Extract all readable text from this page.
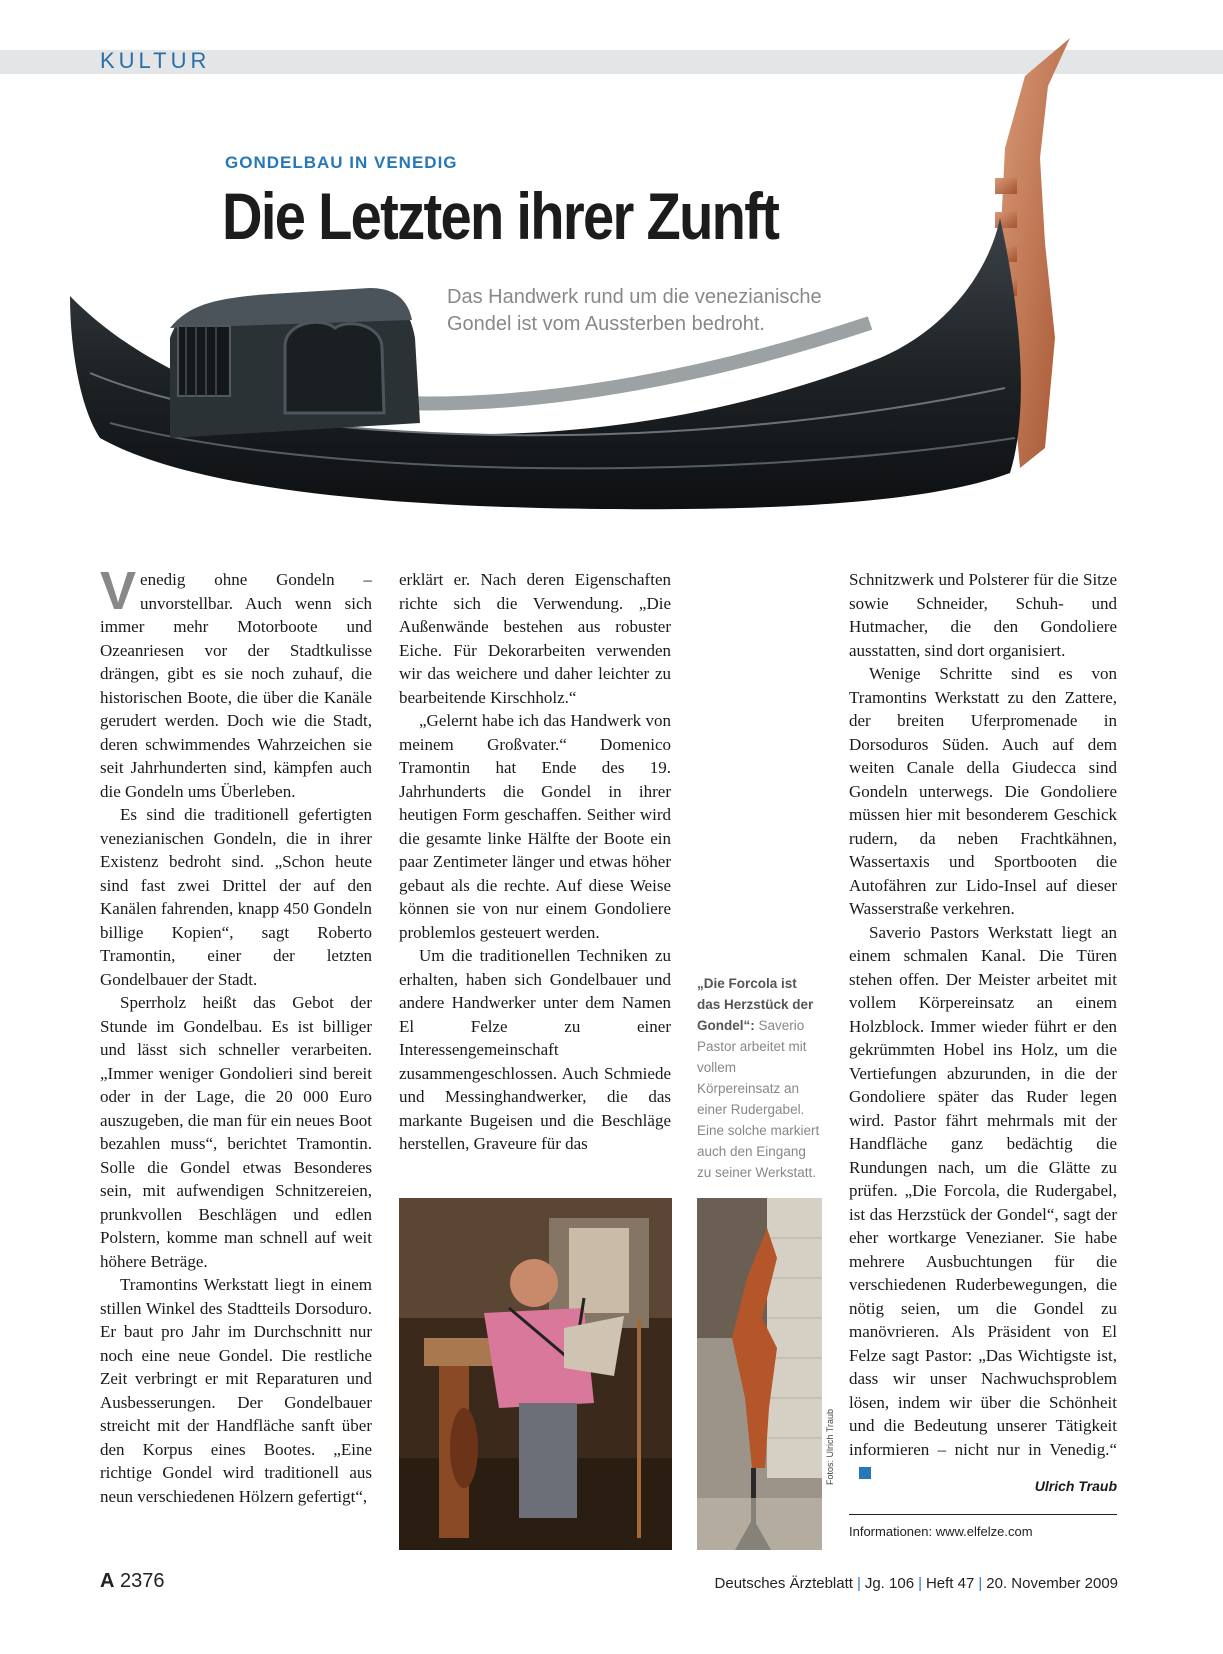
KULTUR
GONDELBAU IN VENEDIG
Die Letzten ihrer Zunft
Das Handwerk rund um die venezianische Gondel ist vom Aussterben bedroht.

Venedig ohne Gondeln – unvorstellbar. Auch wenn sich immer mehr Motorboote und Ozeanriesen vor der Stadtkulisse drängen, gibt es sie noch zuhauf, die historischen Boote, die über die Kanäle gerudert werden. Doch wie die Stadt, deren schwimmendes Wahrzeichen sie seit Jahrhunderten sind, kämpfen auch die Gondeln ums Überleben.

Es sind die traditionell gefertigten venezianischen Gondeln, die in ihrer Existenz bedroht sind. „Schon heute sind fast zwei Drittel der auf den Kanälen fahrenden, knapp 450 Gondeln billige Kopien“, sagt Roberto Tramontin, einer der letzten Gondelbauer der Stadt.

Sperrholz heißt das Gebot der Stunde im Gondelbau. Es ist billiger und lässt sich schneller verarbeiten. „Immer weniger Gondolieri sind bereit oder in der Lage, die 20 000 Euro auszugeben, die man für ein neues Boot bezahlen muss“, berichtet Tramontin. Solle die Gondel etwas Besonderes sein, mit aufwendigen Schnitzereien, prunkvollen Beschlägen und edlen Polstern, komme man schnell auf weit höhere Beträge.

Tramontins Werkstatt liegt in einem stillen Winkel des Stadtteils Dorsoduro. Er baut pro Jahr im Durchschnitt nur noch eine neue Gondel. Die restliche Zeit verbringt er mit Reparaturen und Ausbesserungen. Der Gondelbauer streicht mit der Handfläche sanft über den Korpus eines Bootes. „Eine richtige Gondel wird traditionell aus neun verschiedenen Hölzern gefertigt“,

erklärt er. Nach deren Eigenschaften richte sich die Verwendung. „Die Außenwände bestehen aus robuster Eiche. Für Dekorarbeiten verwenden wir das weichere und daher leichter zu bearbeitende Kirschholz.“

„Gelernt habe ich das Handwerk von meinem Großvater.“ Domenico Tramontin hat Ende des 19. Jahrhunderts die Gondel in ihrer heutigen Form geschaffen. Seither wird die gesamte linke Hälfte der Boote ein paar Zentimeter länger und etwas höher gebaut als die rechte. Auf diese Weise können sie von nur einem Gondoliere problemlos gesteuert werden.

Um die traditionellen Techniken zu erhalten, haben sich Gondelbauer und andere Handwerker unter dem Namen El Felze zu einer Interessengemeinschaft zusammengeschlossen. Auch Schmiede und Messinghandwerker, die das markante Bugeisen und die Beschläge herstellen, Graveure für das

„Die Forcola ist das Herzstück der Gondel“: Saverio Pastor arbeitet mit vollem Körpereinsatz an einer Rudergabel. Eine solche markiert auch den Eingang zu seiner Werkstatt.
Fotos: Ulrich Traub

Schnitzwerk und Polsterer für die Sitze sowie Schneider, Schuh- und Hutmacher, die den Gondoliere ausstatten, sind dort organisiert.

Wenige Schritte sind es von Tramontins Werkstatt zu den Zattere, der breiten Uferpromenade in Dorsoduros Süden. Auch auf dem weiten Canale della Giudecca sind Gondeln unterwegs. Die Gondoliere müssen hier mit besonderem Geschick rudern, da neben Frachtkähnen, Wassertaxis und Sportbooten die Autofähren zur Lido-Insel auf dieser Wasserstraße verkehren.

Saverio Pastors Werkstatt liegt an einem schmalen Kanal. Die Türen stehen offen. Der Meister arbeitet mit vollem Körpereinsatz an einem Holzblock. Immer wieder führt er den gekrümmten Hobel ins Holz, um die Vertiefungen abzurunden, in die der Gondoliere später das Ruder legen wird. Pastor fährt mehrmals mit der Handfläche ganz bedächtig die Rundungen nach, um die Glätte zu prüfen. „Die Forcola, die Rudergabel, ist das Herzstück der Gondel“, sagt der eher wortkarge Venezianer. Sie habe mehrere Ausbuchtungen für die verschiedenen Ruderbewegungen, die nötig seien, um die Gondel zu manövrieren. Als Präsident von El Felze sagt Pastor: „Das Wichtigste ist, dass wir unser Nachwuchsproblem lösen, indem wir über die Schönheit und die Bedeutung unserer Tätigkeit informieren – nicht nur in Venedig.“

Ulrich Traub
Informationen: www.elfelze.com
A 2376	Deutsches Ärzteblatt | Jg. 106 | Heft 47 | 20. November 2009
